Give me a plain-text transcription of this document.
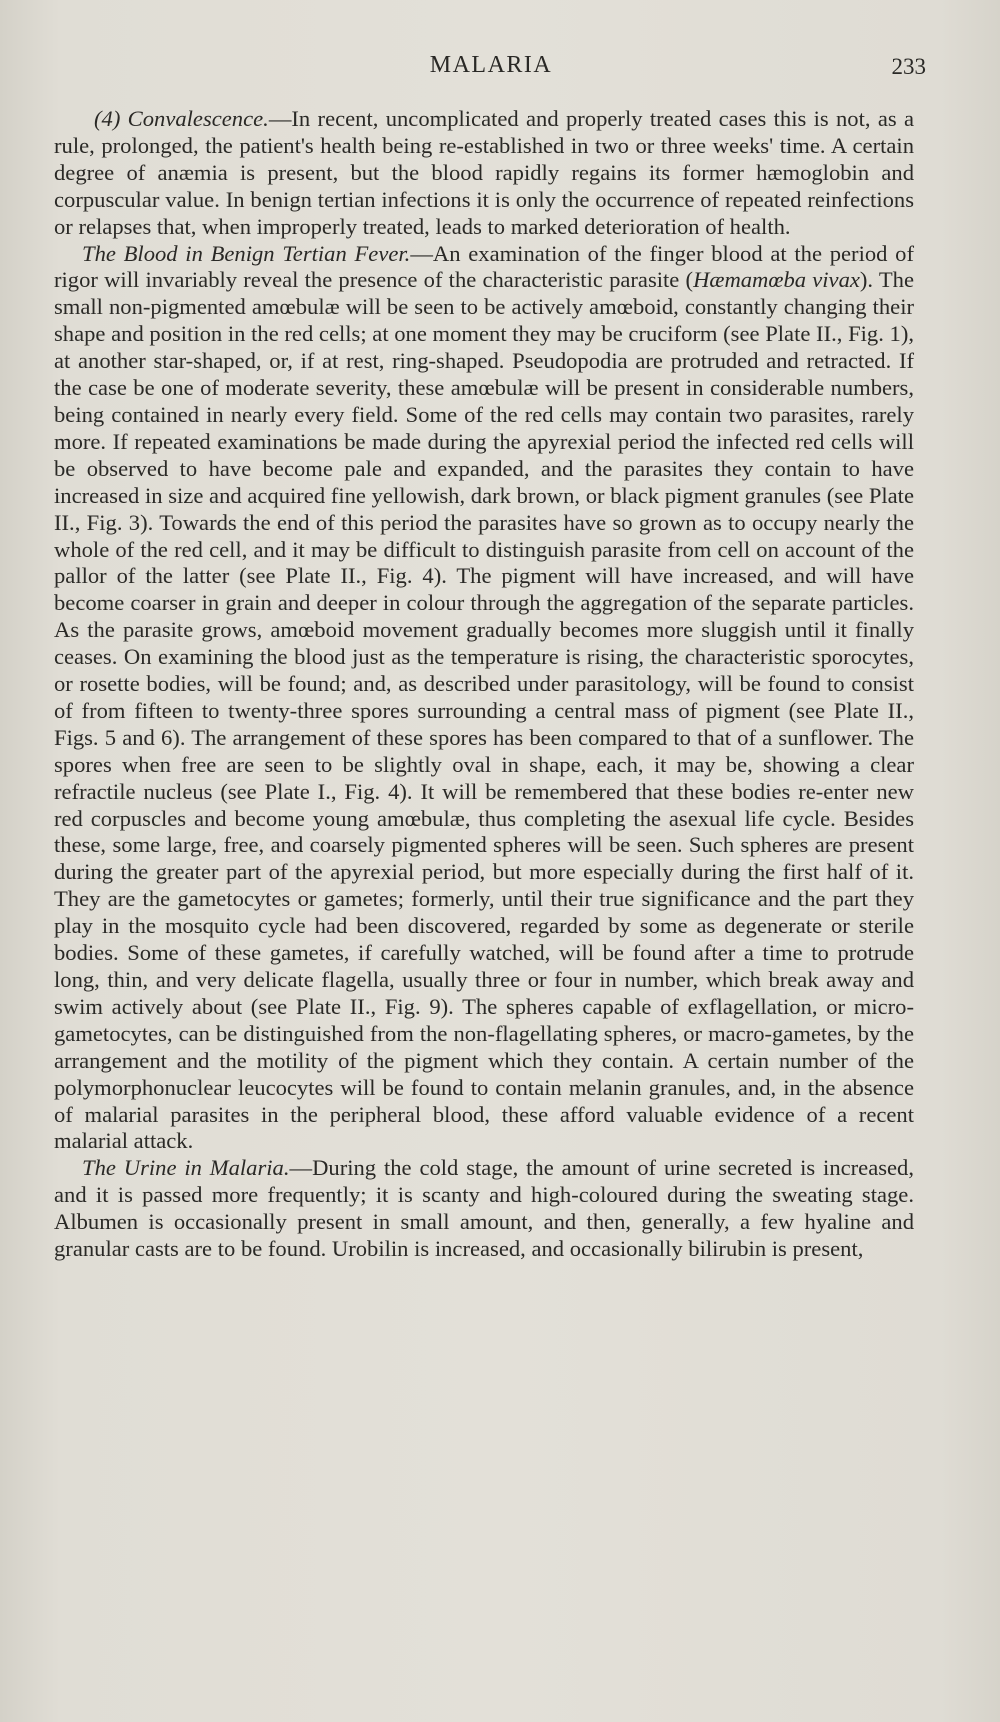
MALARIA	233

(4) Convalescence.—In recent, uncomplicated and properly treated cases this is not, as a rule, prolonged, the patient's health being re-established in two or three weeks' time. A certain degree of anæmia is present, but the blood rapidly regains its former hæmoglobin and corpuscular value. In benign tertian infections it is only the occurrence of repeated reinfections or relapses that, when improperly treated, leads to marked deterioration of health.

The Blood in Benign Tertian Fever.—An examination of the finger blood at the period of rigor will invariably reveal the presence of the characteristic parasite (Hæmamœba vivax). The small non-pigmented amœbulæ will be seen to be actively amœboid, constantly changing their shape and position in the red cells; at one moment they may be cruciform (see Plate II., Fig. 1), at another star-shaped, or, if at rest, ring-shaped. Pseudopodia are protruded and retracted. If the case be one of moderate severity, these amœbulæ will be present in considerable numbers, being contained in nearly every field. Some of the red cells may contain two parasites, rarely more. If repeated examinations be made during the apyrexial period the infected red cells will be observed to have become pale and expanded, and the parasites they contain to have increased in size and acquired fine yellowish, dark brown, or black pigment granules (see Plate II., Fig. 3). Towards the end of this period the parasites have so grown as to occupy nearly the whole of the red cell, and it may be difficult to distinguish parasite from cell on account of the pallor of the latter (see Plate II., Fig. 4). The pigment will have increased, and will have become coarser in grain and deeper in colour through the aggregation of the separate particles. As the parasite grows, amœboid movement gradually becomes more sluggish until it finally ceases. On examining the blood just as the temperature is rising, the characteristic sporocytes, or rosette bodies, will be found; and, as described under parasitology, will be found to consist of from fifteen to twenty-three spores surrounding a central mass of pigment (see Plate II., Figs. 5 and 6). The arrangement of these spores has been compared to that of a sunflower. The spores when free are seen to be slightly oval in shape, each, it may be, showing a clear refractile nucleus (see Plate I., Fig. 4). It will be remembered that these bodies re-enter new red corpuscles and become young amœbulæ, thus completing the asexual life cycle. Besides these, some large, free, and coarsely pigmented spheres will be seen. Such spheres are present during the greater part of the apyrexial period, but more especially during the first half of it. They are the gametocytes or gametes; formerly, until their true significance and the part they play in the mosquito cycle had been discovered, regarded by some as degenerate or sterile bodies. Some of these gametes, if carefully watched, will be found after a time to protrude long, thin, and very delicate flagella, usually three or four in number, which break away and swim actively about (see Plate II., Fig. 9). The spheres capable of exflagellation, or micro-gametocytes, can be distinguished from the non-flagellating spheres, or macro-gametes, by the arrangement and the motility of the pigment which they contain. A certain number of the polymorphonuclear leucocytes will be found to contain melanin granules, and, in the absence of malarial parasites in the peripheral blood, these afford valuable evidence of a recent malarial attack.

The Urine in Malaria.—During the cold stage, the amount of urine secreted is increased, and it is passed more frequently; it is scanty and high-coloured during the sweating stage. Albumen is occasionally present in small amount, and then, generally, a few hyaline and granular casts are to be found. Urobilin is increased, and occasionally bilirubin is present,
